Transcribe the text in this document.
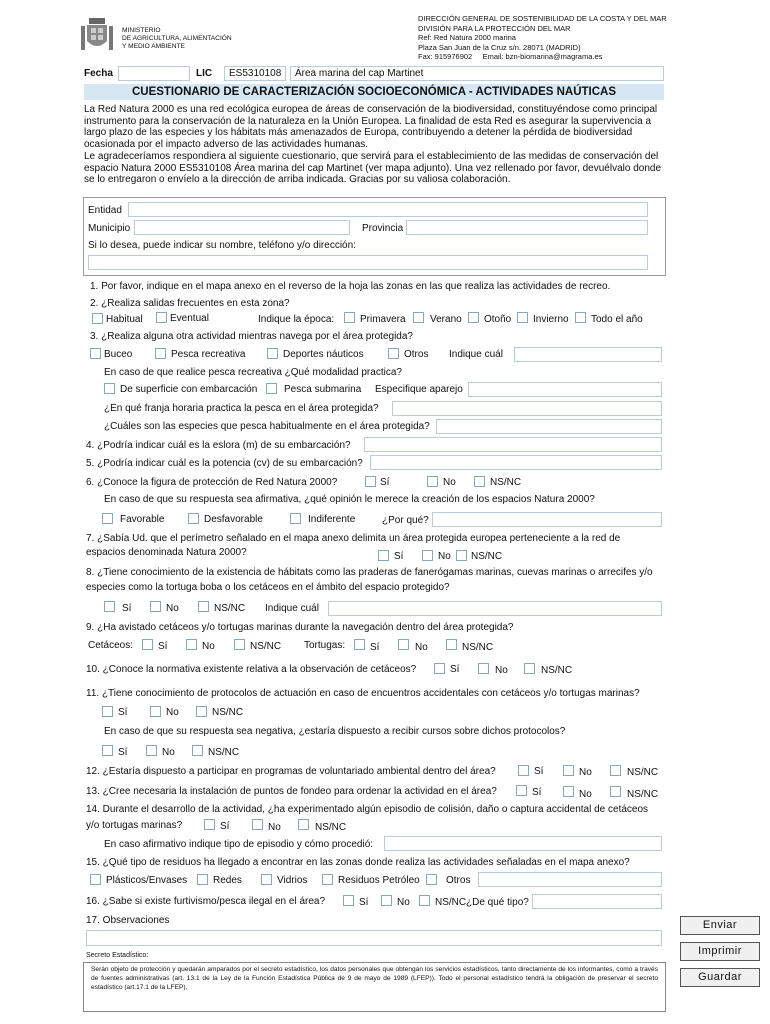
MINISTERIO
DE AGRICULTURA, ALIMENTACIÓN
Y MEDIO AMBIENTE
DIRECCIÓN GENERAL DE SOSTENIBILIDAD DE LA COSTA Y DEL MAR
DIVISIÓN PARA LA PROTECCIÓN DEL MAR
Ref: Red Natura 2000 marina
Plaza San Juan de la Cruz s/n. 28071 (MADRID)
Fax: 915976902     Email: bzn-biomarina@magrama.es
Fecha	LIC ES5310108 Área marina del cap Martinet
CUESTIONARIO DE CARACTERIZACIÓN SOCIOECONÓMICA - ACTIVIDADES NAÚTICAS
La Red Natura 2000 es una red ecológica europea de áreas de conservación de la biodiversidad, constituyéndose como principal instrumento para la conservación de la naturaleza en la Unión Europea. La finalidad de esta Red es asegurar la supervivencia a largo plazo de las especies y los hábitats más amenazados de Europa, contribuyendo a detener la pérdida de biodiversidad ocasionada por el impacto adverso de las actividades humanas.
Le agradeceríamos respondiera al siguiente cuestionario, que servirá para el establecimiento de las medidas de conservación del espacio Natura 2000 ES5310108 Área marina del cap Martinet (ver mapa adjunto). Una vez rellenado por favor, devuélvalo donde se lo entregaron o envíelo a la dirección de arriba indicada. Gracias por su valiosa colaboración.
Entidad
Municipio	Provincia
Si lo desea, puede indicar su nombre, teléfono y/o dirección:
1. Por favor, indique en el mapa anexo en el reverso de la hoja las zonas en las que realiza las actividades de recreo.
2. ¿Realiza salidas frecuentes en esta zona?
Habitual	Eventual	Indique la época:	Primavera Verano Otoño Invierno Todo el año
3. ¿Realiza alguna otra actividad mientras navega por el área protegida?
Buceo	Pesca recreativa	Deportes náuticos	Otros Indique cuál
En caso de que realice pesca recreativa ¿Qué modalidad practica?
De superficie con embarcación	Pesca submarina Especifique aparejo
¿En qué franja horaria practica la pesca en el área protegida?
¿Cuáles son las especies que pesca habitualmente en el área protegida?
4. ¿Podría indicar cuál es la eslora (m) de su embarcación?
5. ¿Podría indicar cuál es la potencia (cv) de su embarcación?
6. ¿Conoce la figura de protección de Red Natura 2000?	Sí	No	NS/NC
En caso de que su respuesta sea afirmativa, ¿qué opinión le merece la creación de los espacios Natura 2000?
Favorable	Desfavorable	Indiferente	¿Por qué?
7. ¿Sabía Ud. que el perímetro señalado en el mapa anexo delimita un área protegida europea perteneciente a la red de
espacios denominada Natura 2000?	Sí	No NS/NC
8. ¿Tiene conocimiento de la existencia de hábitats como las praderas de fanerógamas marinas, cuevas marinas o arrecifes y/o
especies como la tortuga boba o los cetáceos en el ámbito del espacio protegido?
Sí	No	NS/NC Indique cuál
9. ¿Ha avistado cetáceos y/o tortugas marinas durante la navegación dentro del área protegida?
Cetáceos: Sí	No	NS/NC Tortugas: Sí	No	NS/NC
10. ¿Conoce la normativa existente relativa a la observación de cetáceos?	Sí	No	NS/NC
11. ¿Tiene conocimiento de protocolos de actuación en caso de encuentros accidentales con cetáceos y/o tortugas marinas?
Sí	No	NS/NC
En caso de que su respuesta sea negativa, ¿estaría dispuesto a recibir cursos sobre dichos protocolos?
Sí	No	NS/NC
12. ¿Estaría dispuesto a participar en programas de voluntariado ambiental dentro del área?	Sí	No	NS/NC
13. ¿Cree necesaria la instalación de puntos de fondeo para ordenar la actividad en el área?	Sí	No	NS/NC
14. Durante el desarrollo de la actividad, ¿ha experimentado algún episodio de colisión, daño o captura accidental de cetáceos
y/o tortugas marinas?	Sí	No	NS/NC
En caso afirmativo indique tipo de episodio y cómo procedió:
15. ¿Qué tipo de residuos ha llegado a encontrar en las zonas donde realiza las actividades señaladas en el mapa anexo?
Plásticos/Envases	Redes	Vidrios	Residuos Petróleo	Otros
16. ¿Sabe si existe furtivismo/pesca ilegal en el área?	Sí	No	NS/NC ¿De qué tipo?
17. Observaciones	Enviar
Imprimir
Guardar
Secreto Estadístico:
Serán objeto de protección y quedarán amparados por el secreto estadístico, los datos personales que obtengan los servicios estadísticos, tanto directamente de los informantes, como a través de fuentes administrativas (art. 13.1 de la Ley de la Función Estadística Pública de 9 de mayo de 1989 (LFEP)). Todo el personal estadístico tendrá la obligación de preservar el secreto estadístico (art.17.1 de la LFEP).
